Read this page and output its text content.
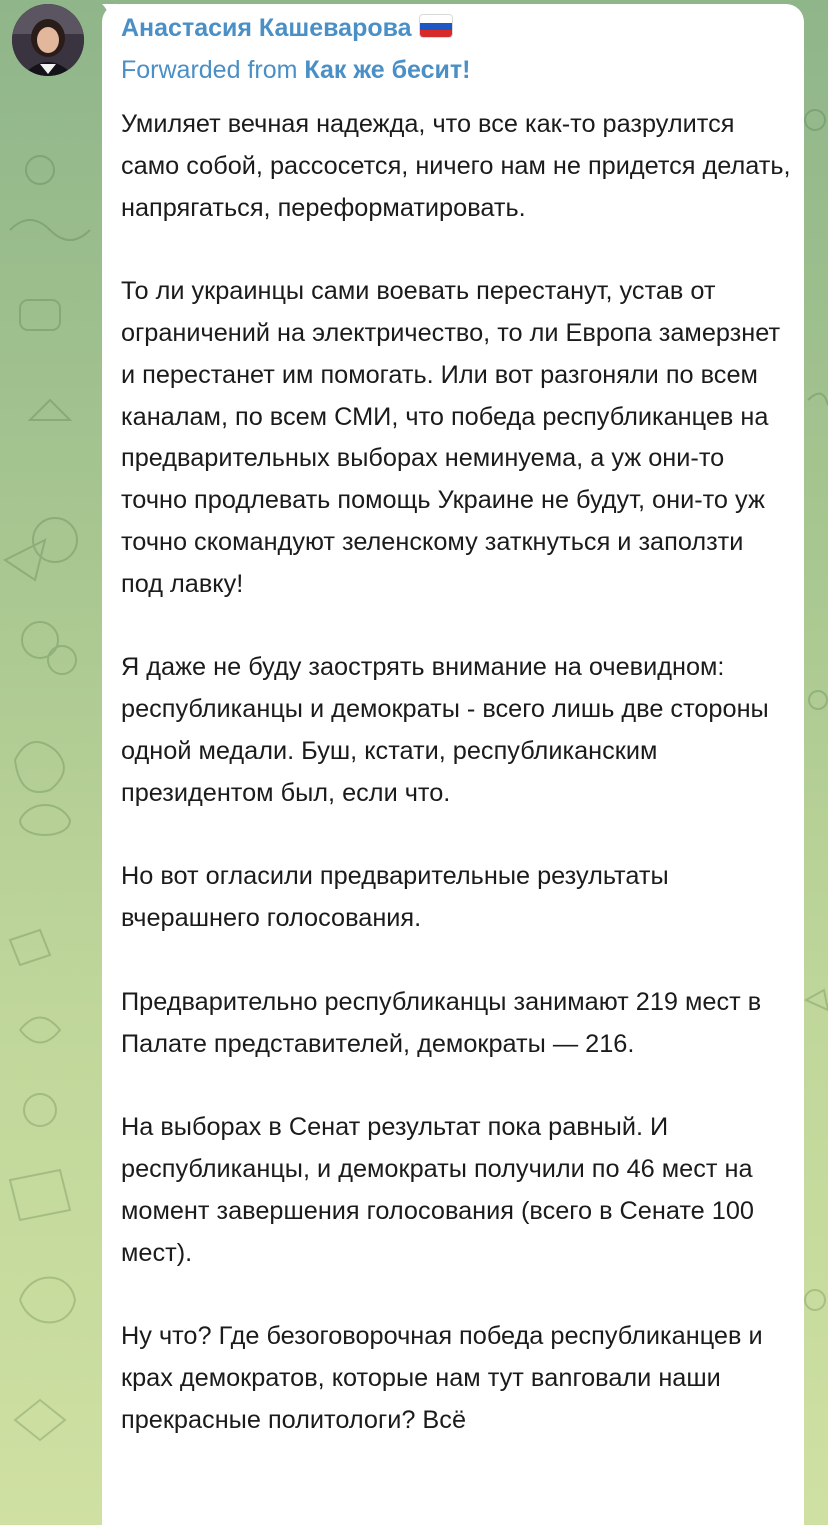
Анастасия Кашеварова
Forwarded from Как же бесит!

Умиляет вечная надежда, что все как-то разрулится само собой, рассосется, ничего нам не придется делать, напрягаться, переформатировать.

То ли украинцы сами воевать перестанут, устав от ограничений на электричество, то ли Европа замерзнет и перестанет им помогать. Или вот разгоняли по всем каналам, по всем СМИ, что победа республиканцев на предварительных выборах неминуема, а уж они-то точно продлевать помощь Украине не будут, они-то уж точно скомандуют зеленскому заткнуться и заползти под лавку!

Я даже не буду заострять внимание на очевидном: республиканцы и демократы - всего лишь две стороны одной медали. Буш, кстати, республиканским президентом был, если что.

Но вот огласили предварительные результаты вчерашнего голосования.

Предварительно республиканцы занимают 219 мест в Палате представителей, демократы — 216.

На выборах в Сенат результат пока равный. И республиканцы, и демократы получили по 46 мест на момент завершения голосования (всего в Сенате 100 мест).

Ну что? Где безоговорочная победа республиканцев и крах демократов, которые нам тут вanговали наши прекрасные политологи? Всё
